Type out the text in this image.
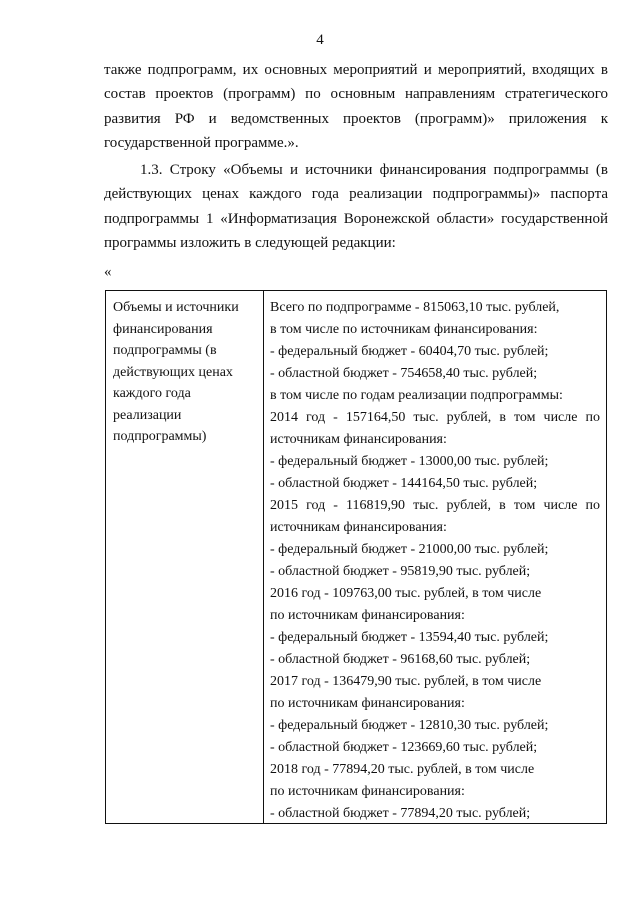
4
также подпрограмм, их основных мероприятий и мероприятий, входящих в
состав проектов (программ) по основным направлениям стратегического
развития РФ и ведомственных проектов (программ)» приложения к
государственной программе.».
1.3. Строку «Объемы и источники финансирования подпрограммы (в
действующих ценах каждого года реализации подпрограммы)» паспорта
подпрограммы 1 «Информатизация Воронежской области» государственной
программы изложить в следующей редакции:
«
Объемы и источники
финансирования
подпрограммы (в
действующих ценах
каждого года
реализации
подпрограммы)
Всего по подпрограмме - 815063,10 тыс. рублей,
в том числе по источникам финансирования:
- федеральный бюджет - 60404,70 тыс. рублей;
- областной бюджет - 754658,40 тыс. рублей;
в том числе по годам реализации подпрограммы:
2014 год - 157164,50 тыс. рублей, в том числе по
источникам финансирования:
- федеральный бюджет - 13000,00 тыс. рублей;
- областной бюджет - 144164,50 тыс. рублей;
2015 год - 116819,90 тыс. рублей, в том числе по
источникам финансирования:
- федеральный бюджет - 21000,00 тыс. рублей;
- областной бюджет - 95819,90 тыс. рублей;
2016 год - 109763,00 тыс. рублей, в том числе
по источникам финансирования:
- федеральный бюджет - 13594,40 тыс. рублей;
- областной бюджет - 96168,60 тыс. рублей;
2017 год - 136479,90 тыс. рублей, в том числе
по источникам финансирования:
- федеральный бюджет - 12810,30 тыс. рублей;
- областной бюджет - 123669,60 тыс. рублей;
2018 год - 77894,20 тыс. рублей, в том числе
по источникам финансирования:
- областной бюджет - 77894,20 тыс. рублей;
